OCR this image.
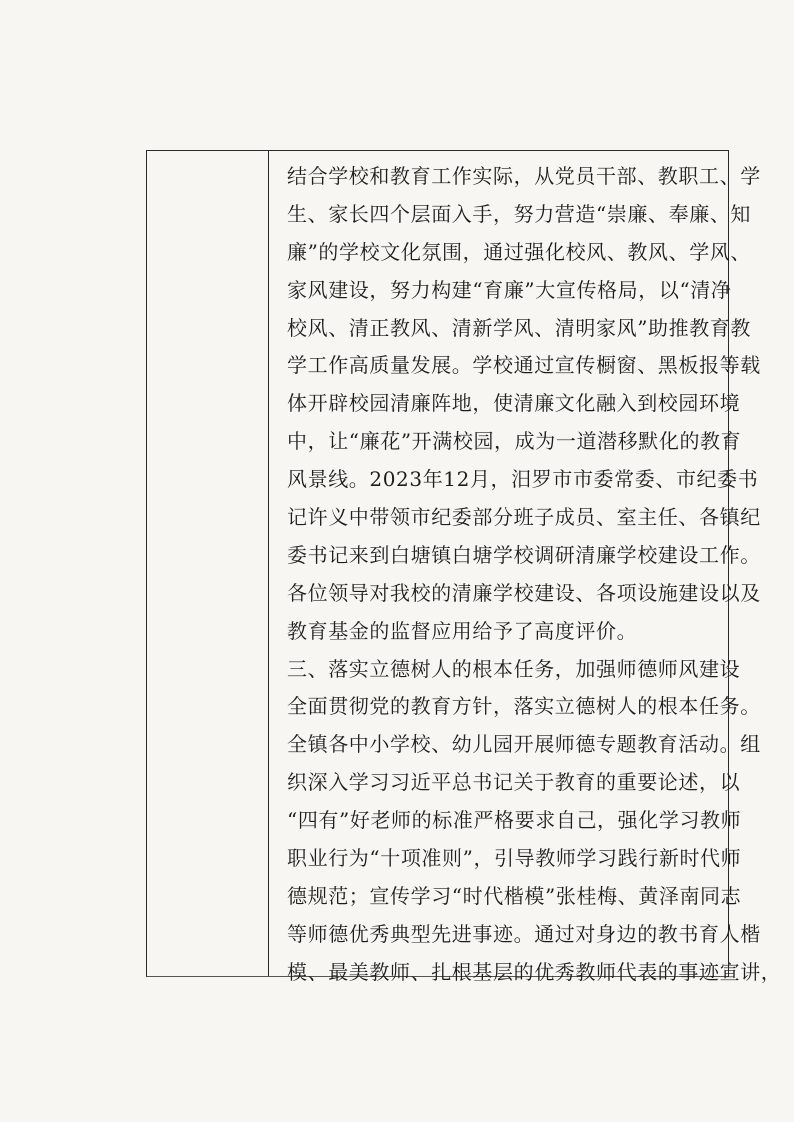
结合学校和教育工作实际，从党员干部、教职工、学
生、家长四个层面入手，努力营造“崇廉、奉廉、知
廉”的学校文化氛围，通过强化校风、教风、学风、
家风建设，努力构建“育廉”大宣传格局，以“清净
校风、清正教风、清新学风、清明家风”助推教育教
学工作高质量发展。学校通过宣传橱窗、黑板报等载
体开辟校园清廉阵地，使清廉文化融入到校园环境
中，让“廉花”开满校园，成为一道潜移默化的教育
风景线。2023年12月，汨罗市市委常委、市纪委书
记许义中带领市纪委部分班子成员、室主任、各镇纪
委书记来到白塘镇白塘学校调研清廉学校建设工作。
各位领导对我校的清廉学校建设、各项设施建设以及
教育基金的监督应用给予了高度评价。
三、落实立德树人的根本任务，加强师德师风建设
全面贯彻党的教育方针，落实立德树人的根本任务。
全镇各中小学校、幼儿园开展师德专题教育活动。组
织深入学习习近平总书记关于教育的重要论述，以
“四有”好老师的标准严格要求自己，强化学习教师
职业行为“十项准则”，引导教师学习践行新时代师
德规范；宣传学习“时代楷模”张桂梅、黄泽南同志
等师德优秀典型先进事迹。通过对身边的教书育人楷
模、最美教师、扎根基层的优秀教师代表的事迹宣讲，
